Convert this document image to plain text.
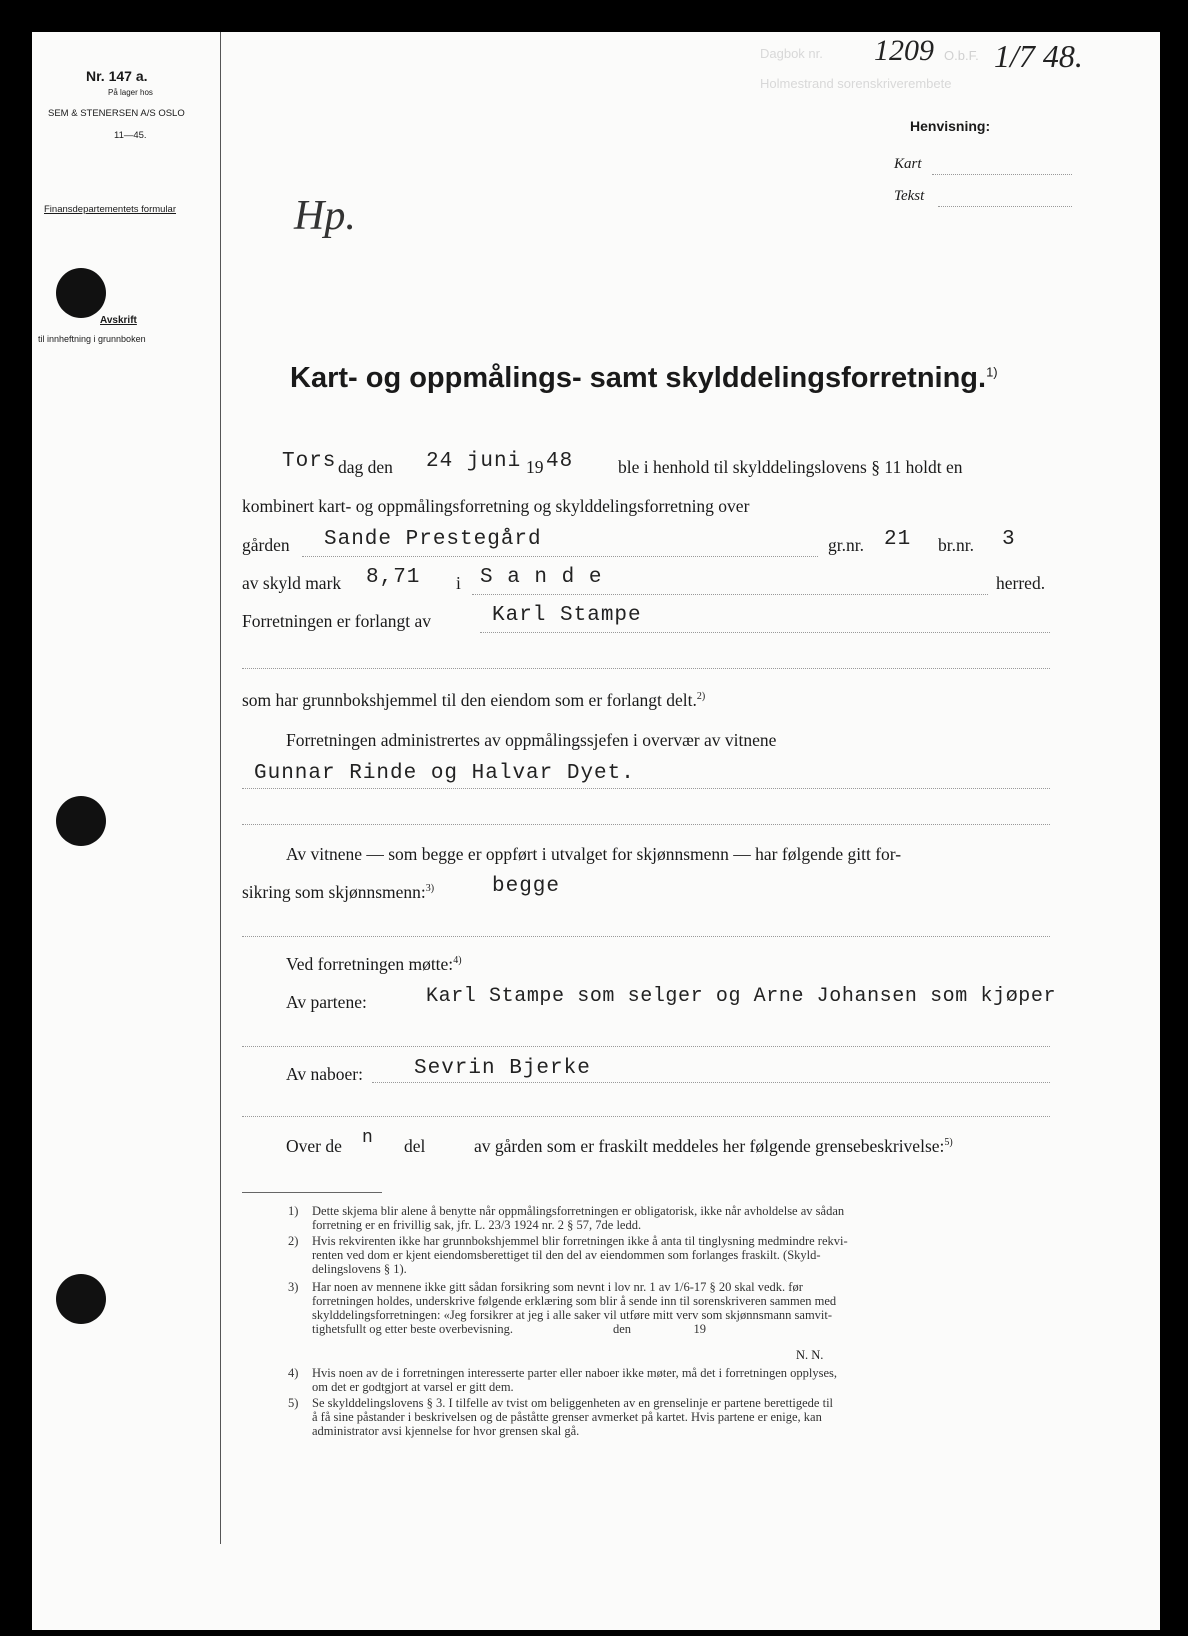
Nr. 147 a.
På lager hos
SEM & STENERSEN A/S OSLO
11—45.
Finansdepartementets formular
Avskrift
til innheftning i grunnboken
Dagbok nr.
Holmestrand sorenskriverembete
1209 O.b.F. 1/7 48.
Henvisning:
Kart
Tekst
Hp.
Kart- og oppmålings- samt skylddelingsforretning.$^{1)}$
Tors dag den 24 juni 19 48	ble i henhold til skylddelingslovens § 11 holdt en
kombinert kart- og oppmålingsforretning og skylddelingsforretning over
gården Sande Prestegård	gr.nr. 21 br.nr. 3
av skyld mark 8,71 i S a n d e	herred.
Forretningen er forlangt av	Karl Stampe
som har grunnbokshjemmel til den eiendom som er forlangt delt.$^{2)}$
Forretningen administrertes av oppmålingssjefen i overvær av vitnene
Gunnar Rinde og Halvar Dyet.
Av vitnene — som begge er oppført i utvalget for skjønnsmenn — har følgende gitt for-
sikring som skjønnsmenn:$^{3)}$	begge
Ved forretningen møtte:$^{4)}$
Av partene:	Karl Stampe som selger og Arne Johansen som kjøper
Av naboer: Sevrin Bjerke
Over de n del	av gården som er fraskilt meddeles her følgende grensebeskrivelse:$^{5)}$
1) Dette skjema blir alene å benytte når oppmålingsforretningen er obligatorisk, ikke når avholdelse av sådan
forretning er en frivillig sak, jfr. L. 23/3 1924 nr. 2 § 57, 7de ledd.
2) Hvis rekvirenten ikke har grunnbokshjemmel blir forretningen ikke å anta til tinglysning medmindre rekvi-
renten ved dom er kjent eiendomsberettiget til den del av eiendommen som forlanges fraskilt. (Skyld-
delingslovens § 1).
3) Har noen av mennene ikke gitt sådan forsikring som nevnt i lov nr. 1 av 1/6-17 § 20 skal vedk. før
forretningen holdes, underskrive følgende erklæring som blir å sende inn til sorenskriveren sammen med
skylddelingsforretningen: «Jeg forsikrer at jeg i alle saker vil utføre mitt verv som skjønnsmann samvit-
tighetsfullt og etter beste overbevisning.                                den                    19
N. N.
4) Hvis noen av de i forretningen interesserte parter eller naboer ikke møter, må det i forretningen opplyses,
om det er godtgjort at varsel er gitt dem.
5) Se skylddelingslovens § 3. I tilfelle av tvist om beliggenheten av en grenselinje er partene berettigede til
å få sine påstander i beskrivelsen og de påståtte grenser avmerket på kartet. Hvis partene er enige, kan
administrator avsi kjennelse for hvor grensen skal gå.
